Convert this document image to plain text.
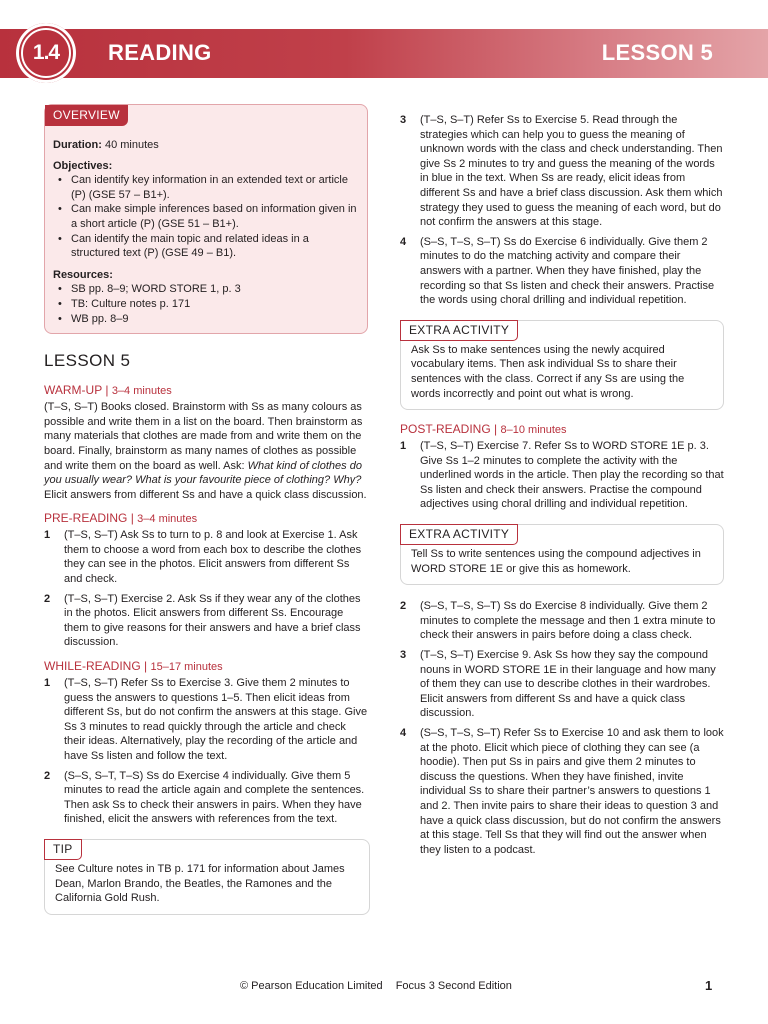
1.4	READING	LESSON 5
OVERVIEW

Duration: 40 minutes

Objectives:

• Can identify key information in an extended text or article (P) (GSE 57 – B1+).
• Can make simple inferences based on information given in a short article (P) (GSE 51 – B1+).
• Can identify the main topic and related ideas in a structured text (P) (GSE 49 – B1).

Resources:

• SB pp. 8–9; WORD STORE 1, p. 3
• TB: Culture notes p. 171
• WB pp. 8–9
LESSON 5
WARM-UP | 3–4 minutes

(T–S, S–T) Books closed. Brainstorm with Ss as many colours as possible and write them in a list on the board. Then brainstorm as many materials that clothes are made from and write them on the board. Finally, brainstorm as many names of clothes as possible and write them on the board as well. Ask: What kind of clothes do you usually wear? What is your favourite piece of clothing? Why? Elicit answers from different Ss and have a quick class discussion.

PRE-READING | 3–4 minutes
1	(T–S, S–T) Ask Ss to turn to p. 8 and look at Exercise 1. Ask them to choose a word from each box to describe the clothes they can see in the photos. Elicit answers from different Ss and check.
2	(T–S, S–T) Exercise 2. Ask Ss if they wear any of the clothes in the photos. Elicit answers from different Ss. Encourage them to give reasons for their answers and have a brief class discussion.
WHILE-READING | 15–17 minutes
1	(T–S, S–T) Refer Ss to Exercise 3. Give them 2 minutes to guess the answers to questions 1–5. Then elicit ideas from different Ss, but do not confirm the answers at this stage. Give Ss 3 minutes to read quickly through the article and check their ideas. Alternatively, play the recording of the article and have Ss listen and follow the text.
2	(S–S, S–T, T–S) Ss do Exercise 4 individually. Give them 5 minutes to read the article again and complete the sentences. Then ask Ss to check their answers in pairs. When they have finished, elicit the answers with references from the text.
TIP

See Culture notes in TB p. 171 for information about James Dean, Marlon Brando, the Beatles, the Ramones and the California Gold Rush.

3	(T–S, S–T) Refer Ss to Exercise 5. Read through the strategies which can help you to guess the meaning of unknown words with the class and check understanding. Then give Ss 2 minutes to try and guess the meaning of the words in blue in the text. When Ss are ready, elicit ideas from different Ss and have a brief class discussion. Ask them which strategy they used to guess the meaning of each word, but do not confirm the answers at this stage.
4	(S–S, T–S, S–T) Ss do Exercise 6 individually. Give them 2 minutes to do the matching activity and compare their answers with a partner. When they have finished, play the recording so that Ss listen and check their answers. Practise the words using choral drilling and individual repetition.
EXTRA ACTIVITY

Ask Ss to make sentences using the newly acquired vocabulary items. Then ask individual Ss to share their sentences with the class. Correct if any Ss are using the words incorrectly and point out what is wrong.

POST-READING | 8–10 minutes
1	(T–S, S–T) Exercise 7. Refer Ss to WORD STORE 1E p. 3. Give Ss 1–2 minutes to complete the activity with the underlined words in the article. Then play the recording so that Ss listen and check their answers. Practise the compound adjectives using choral drilling and individual repetition.
EXTRA ACTIVITY

Tell Ss to write sentences using the compound adjectives in WORD STORE 1E or give this as homework.

2	(S–S, T–S, S–T) Ss do Exercise 8 individually. Give them 2 minutes to complete the message and then 1 extra minute to check their answers in pairs before doing a class check.
3	(T–S, S–T) Exercise 9. Ask Ss how they say the compound nouns in WORD STORE 1E in their language and how many of them they can use to describe clothes in their wardrobes. Elicit answers from different Ss and have a quick class discussion.
4	(S–S, T–S, S–T) Refer Ss to Exercise 10 and ask them to look at the photo. Elicit which piece of clothing they can see (a hoodie). Then put Ss in pairs and give them 2 minutes to discuss the questions. When they have finished, invite individual Ss to share their partner’s answers to questions 1 and 2. Then invite pairs to share their ideas to question 3 and have a quick class discussion, but do not confirm the answers at this stage. Tell Ss that they will find out the answer when they listen to a podcast.
© Pearson Education Limited Focus 3 Second Edition	1
